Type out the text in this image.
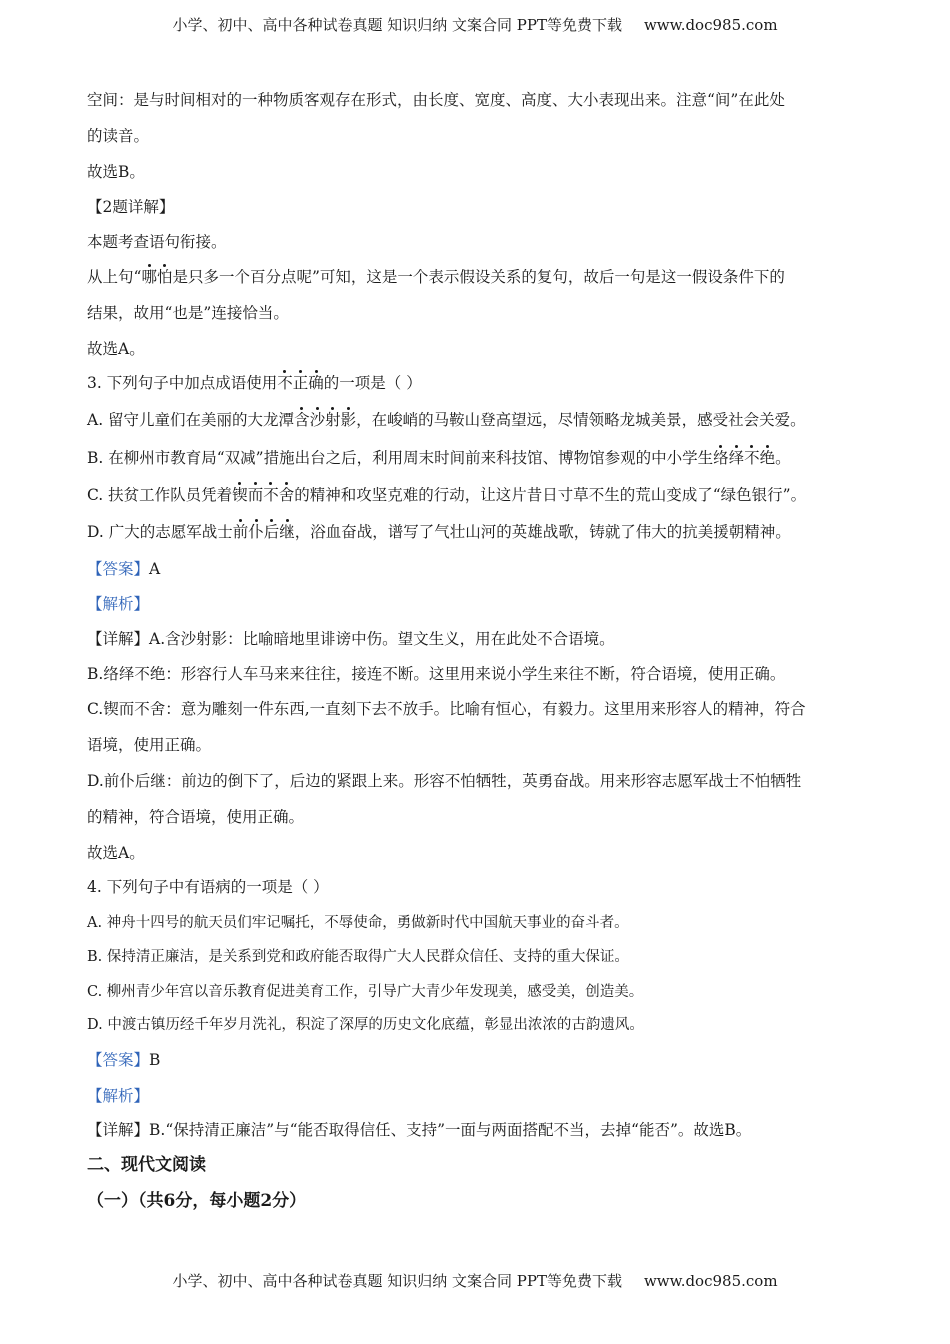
小学、初中、高中各种试卷真题 知识归纳 文案合同 PPT等免费下载 www.doc985.com
空间：是与时间相对的一种物质客观存在形式，由长度、宽度、高度、大小表现出来。注意“间”在此处
的读音。
故选B。
【2题详解】
本题考查语句衔接。
从上句“哪怕是只多一个百分点呢”可知，这是一个表示假设关系的复句，故后一句是这一假设条件下的
结果，故用“也是”连接恰当。
故选A。
3. 下列句子中加点成语使用不正确的一项是（ ）
A. 留守儿童们在美丽的大龙潭含沙射影，在峻峭的马鞍山登高望远，尽情领略龙城美景，感受社会关爱。
B. 在柳州市教育局“双减”措施出台之后，利用周末时间前来科技馆、博物馆参观的中小学生络绎不绝。
C. 扶贫工作队员凭着锲而不舍的精神和攻坚克难的行动，让这片昔日寸草不生的荒山变成了“绿色银行”。
D. 广大的志愿军战士前仆后继，浴血奋战，谱写了气壮山河的英雄战歌，铸就了伟大的抗美援朝精神。
【答案】A
【解析】
【详解】A.含沙射影：比喻暗地里诽谤中伤。望文生义，用在此处不合语境。
B.络绎不绝：形容行人车马来来往往，接连不断。这里用来说小学生来往不断，符合语境，使用正确。
C.锲而不舍：意为雕刻一件东西,一直刻下去不放手。比喻有恒心，有毅力。这里用来形容人的精神，符合
语境，使用正确。
D.前仆后继：前边的倒下了，后边的紧跟上来。形容不怕牺牲，英勇奋战。用来形容志愿军战士不怕牺牲
的精神，符合语境，使用正确。
故选A。
4. 下列句子中有语病的一项是（ ）
A. 神舟十四号的航天员们牢记嘱托，不辱使命，勇做新时代中国航天事业的奋斗者。
B. 保持清正廉洁，是关系到党和政府能否取得广大人民群众信任、支持的重大保证。
C. 柳州青少年宫以音乐教育促进美育工作，引导广大青少年发现美，感受美，创造美。
D. 中渡古镇历经千年岁月洗礼，积淀了深厚的历史文化底蕴，彰显出浓浓的古韵遗风。
【答案】B
【解析】
【详解】B.“保持清正廉洁”与“能否取得信任、支持”一面与两面搭配不当，去掉“能否”。故选B。
二、现代文阅读
（一）（共6分，每小题2分）
小学、初中、高中各种试卷真题 知识归纳 文案合同 PPT等免费下载 www.doc985.com
